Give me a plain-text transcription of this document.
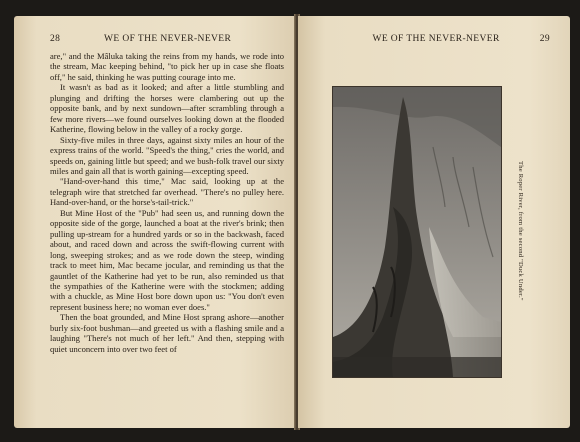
28	WE OF THE NEVER-NEVER

are," and the Mâluka taking the reins from my hands, we rode into the stream, Mac keeping behind, "to pick her up in case she floats off," he said, thinking he was putting courage into me.

It wasn't as bad as it looked; and after a little stumbling and plunging and drifting the horses were clambering out up the opposite bank, and by next sundown—after scrambling through a few more rivers—we found ourselves looking down at the flooded Katherine, flowing below in the valley of a rocky gorge.

Sixty-five miles in three days, against sixty miles an hour of the express trains of the world. "Speed's the thing," cries the world, and speeds on, gaining little but speed; and we bush-folk travel our sixty miles and gain all that is worth gaining—excepting speed.

"Hand-over-hand this time," Mac said, looking up at the telegraph wire that stretched far overhead. "There's no pulley here. Hand-over-hand, or the horse's-tail-trick."

But Mine Host of the "Pub" had seen us, and running down the opposite side of the gorge, launched a boat at the river's brink; then pulling up-stream for a hundred yards or so in the backwash, faced about, and raced down and across the swift-flowing current with long, sweeping strokes; and as we rode down the steep, winding track to meet him, Mac became jocular, and reminding us that the gauntlet of the Katherine had yet to be run, also reminded us that the sympathies of the Katherine were with the stockmen; adding with a chuckle, as Mine Host bore down upon us: "You don't even represent business here; no woman ever does."

Then the boat grounded, and Mine Host sprang ashore—another burly six-foot bushman—and greeted us with a flashing smile and a laughing "There's not much of her left." And then, stepping with quiet unconcern into over two feet of

WE OF THE NEVER-NEVER	29
The Roper River, from the second "Duck Under."
